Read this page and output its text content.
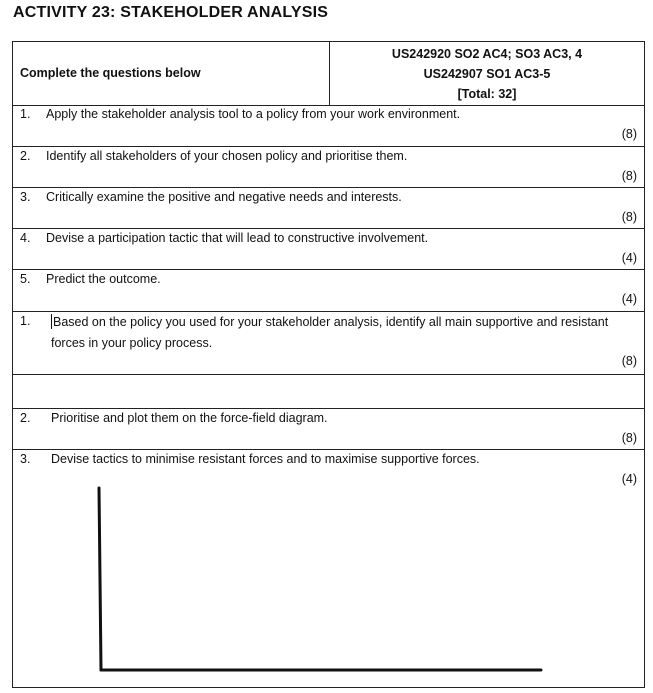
ACTIVITY 23: STAKEHOLDER ANALYSIS
Complete the questions below
US242920 SO2 AC4; SO3 AC3, 4
US242907 SO1 AC3-5
[Total: 32]
1. Apply the stakeholder analysis tool to a policy from your work environment.
(8)
2. Identify all stakeholders of your chosen policy and prioritise them.
(8)
3. Critically examine the positive and negative needs and interests.
(8)
4. Devise a participation tactic that will lead to constructive involvement.
(4)
5. Predict the outcome.
(4)
1. Based on the policy you used for your stakeholder analysis, identify all main supportive and resistant forces in your policy process.
(8)
2. Prioritise and plot them on the force-field diagram.
(8)
3. Devise tactics to minimise resistant forces and to maximise supportive forces.
(4)
